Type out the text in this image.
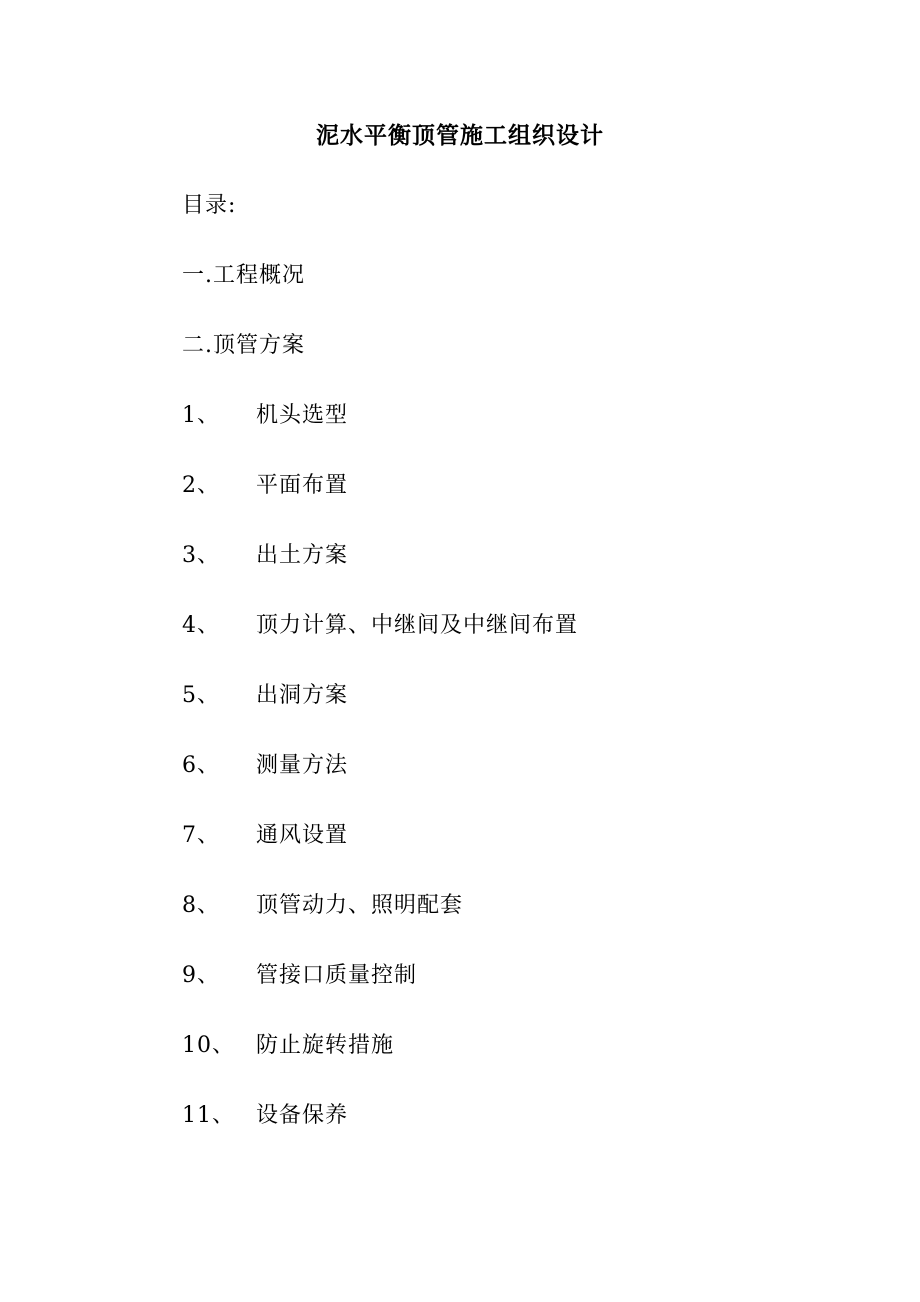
泥水平衡顶管施工组织设计
目录:
一. 工程概况
二. 顶管方案
1、	机头选型
2、	平面布置
3、	出土方案
4、	顶力计算、中继间及中继间布置
5、	出洞方案
6、	测量方法
7、	通风设置
8、	顶管动力、照明配套
9、	管接口质量控制
10、 防止旋转措施
11、 设备保养
